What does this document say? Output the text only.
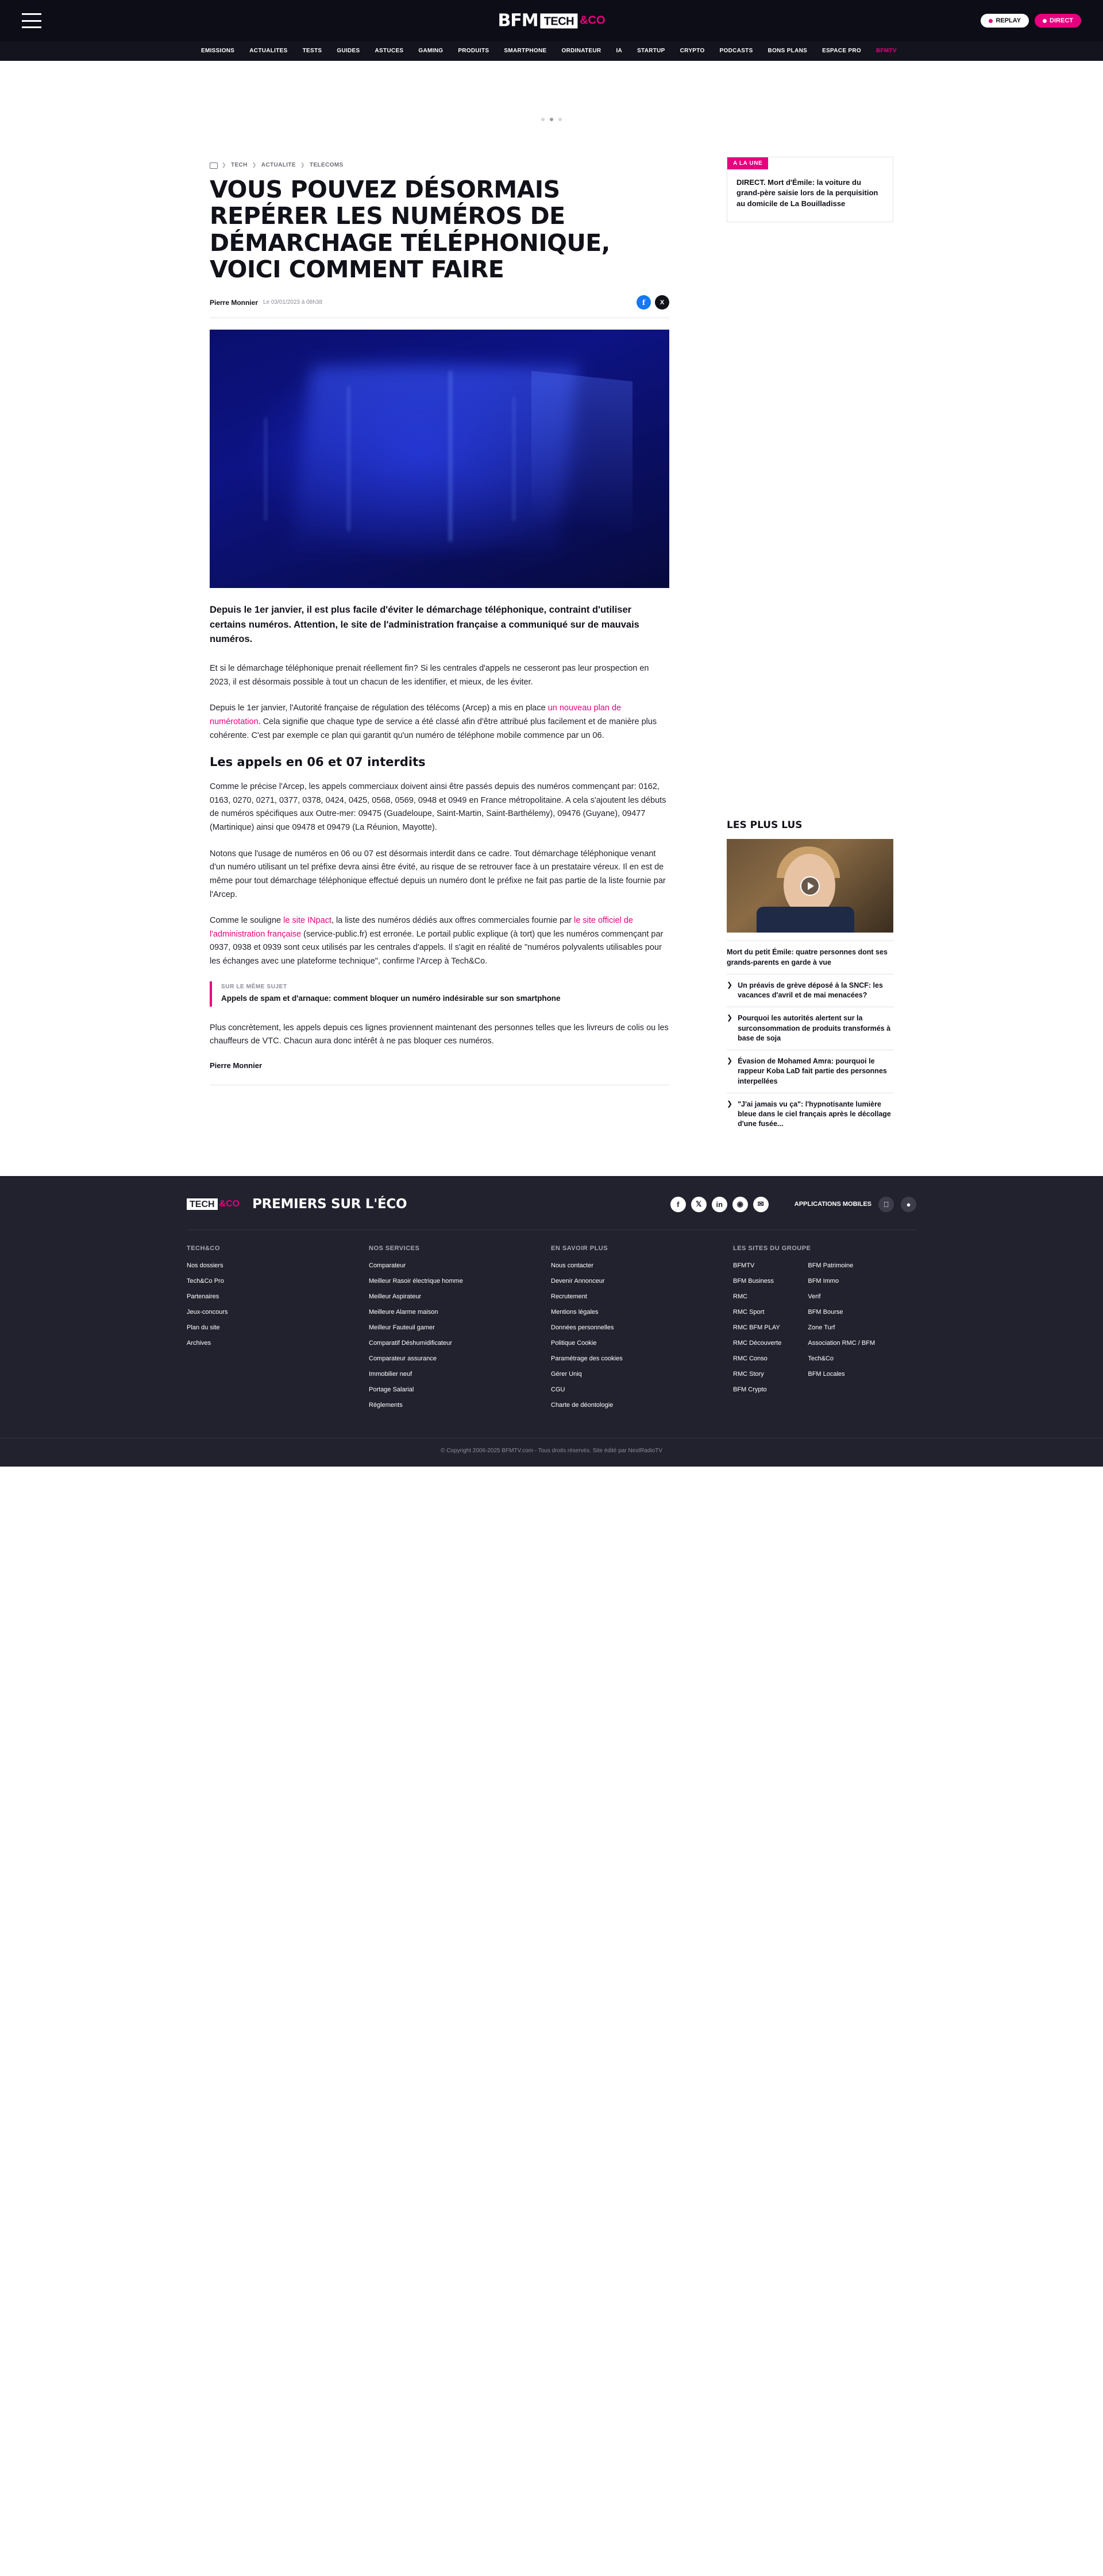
BFM TECH &CO	REPLAY	DIRECT
EMISSIONS	ACTUALITES	TESTS	GUIDES	ASTUCES	GAMING	PRODUITS	SMARTPHONE	ORDINATEUR	IA	STARTUP	CRYPTO	PODCASTS	BONS PLANS	ESPACE PRO	BFMTV
❯ TECH ❯ ACTUALITE ❯ TELECOMS
VOUS POUVEZ DÉSORMAIS REPÉRER LES NUMÉROS DE DÉMARCHAGE TÉLÉPHONIQUE, VOICI COMMENT FAIRE
Pierre Monnier Le 03/01/2023 à 08h38	f	X
Depuis le 1er janvier, il est plus facile d'éviter le démarchage téléphonique, contraint d'utiliser certains numéros. Attention, le site de l'administration française a communiqué sur de mauvais numéros.

Et si le démarchage téléphonique prenait réellement fin? Si les centrales d'appels ne cesseront pas leur prospection en 2023, il est désormais possible à tout un chacun de les identifier, et mieux, de les éviter.

Depuis le 1er janvier, l'Autorité française de régulation des télécoms (Arcep) a mis en place un nouveau plan de numérotation. Cela signifie que chaque type de service a été classé afin d'être attribué plus facilement et de manière plus cohérente. C'est par exemple ce plan qui garantit qu'un numéro de téléphone mobile commence par un 06.

Les appels en 06 et 07 interdits

Comme le précise l'Arcep, les appels commerciaux doivent ainsi être passés depuis des numéros commençant par: 0162, 0163, 0270, 0271, 0377, 0378, 0424, 0425, 0568, 0569, 0948 et 0949 en France métropolitaine. A cela s'ajoutent les débuts de numéros spécifiques aux Outre-mer: 09475 (Guadeloupe, Saint-Martin, Saint-Barthélemy), 09476 (Guyane), 09477 (Martinique) ainsi que 09478 et 09479 (La Réunion, Mayotte).

Notons que l'usage de numéros en 06 ou 07 est désormais interdit dans ce cadre. Tout démarchage téléphonique venant d'un numéro utilisant un tel préfixe devra ainsi être évité, au risque de se retrouver face à un prestataire véreux. Il en est de même pour tout démarchage téléphonique effectué depuis un numéro dont le préfixe ne fait pas partie de la liste fournie par l'Arcep.

Comme le souligne le site INpact, la liste des numéros dédiés aux offres commerciales fournie par le site officiel de l'administration française (service-public.fr) est erronée. Le portail public explique (à tort) que les numéros commençant par 0937, 0938 et 0939 sont ceux utilisés par les centrales d'appels. Il s'agit en réalité de "numéros polyvalents utilisables pour les échanges avec une plateforme technique", confirme l'Arcep à Tech&Co.

SUR LE MÊME SUJET
Appels de spam et d'arnaque: comment bloquer un numéro indésirable sur son smartphone

Plus concrètement, les appels depuis ces lignes proviennent maintenant des personnes telles que les livreurs de colis ou les chauffeurs de VTC. Chacun aura donc intérêt à ne pas bloquer ces numéros.

Pierre Monnier
A LA UNE
DIRECT. Mort d'Émile: la voiture du grand-père saisie lors de la perquisition au domicile de La Bouilladisse
LES PLUS LUS
Mort du petit Émile: quatre personnes dont ses grands-parents en garde à vue
❯ Un préavis de grève déposé à la SNCF: les vacances d'avril et de mai menacées?
❯ Pourquoi les autorités alertent sur la surconsommation de produits transformés à base de soja
❯ Évasion de Mohamed Amra: pourquoi le rappeur Koba LaD fait partie des personnes interpellées
❯ "J'ai jamais vu ça": l'hypnotisante lumière bleue dans le ciel français après le décollage d'une fusée...
TECH &CO PREMIERS SUR L'ÉCO	f	𝕏	in	◉	✉	APPLICATIONS MOBILES	●
TECH&CO
Nos dossiers
Tech&Co Pro
Partenaires
Jeux-concours
Plan du site
Archives
NOS SERVICES
Comparateur
Meilleur Rasoir électrique homme
Meilleur Aspirateur
Meilleure Alarme maison
Meilleur Fauteuil gamer
Comparatif Déshumidificateur
Comparateur assurance
Immobilier neuf
Portage Salarial
Règlements
EN SAVOIR PLUS
Nous contacter
Devenir Annonceur
Recrutement
Mentions légales
Données personnelles
Politique Cookie
Paramétrage des cookies
Gérer Uniq
CGU
Charte de déontologie
LES SITES DU GROUPE
BFMTV
BFM Business
RMC
RMC Sport
RMC BFM PLAY
RMC Découverte
RMC Conso
RMC Story
BFM Crypto
BFM Patrimoine
BFM Immo
Verif
BFM Bourse
Zone Turf
Association RMC / BFM
Tech&Co
BFM Locales
© Copyright 2006-2025 BFMTV.com - Tous droits réservés. Site édité par NextRadioTV
